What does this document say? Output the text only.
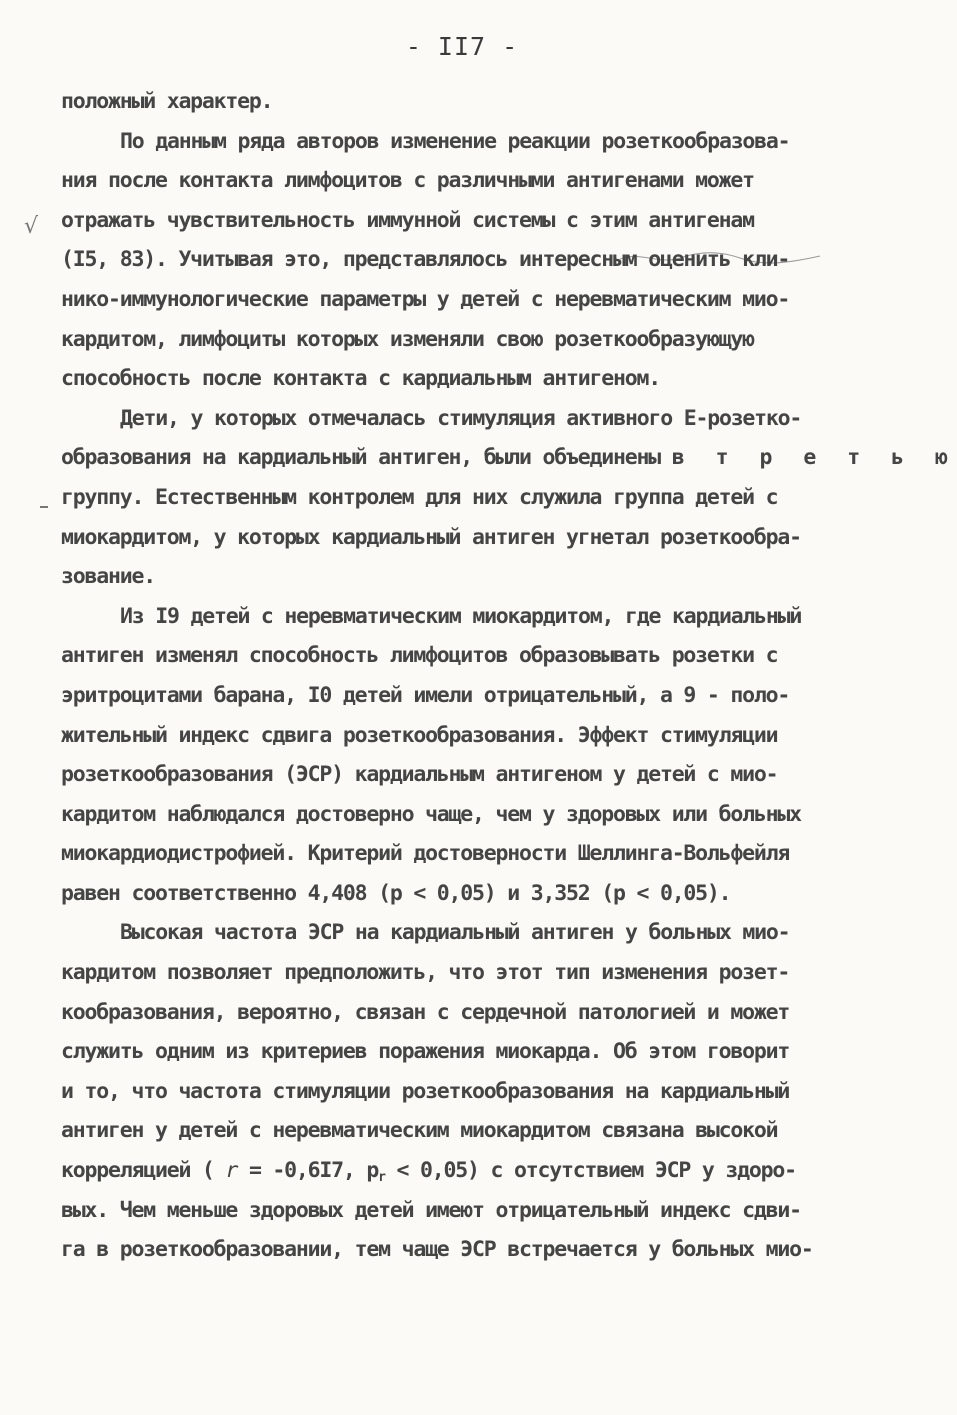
- II7 -
√
положный характер.
По данным ряда авторов изменение реакции розеткообразова-
ния после контакта лимфоцитов с различными антигенами может
отражать чувствительность иммунной системы с этим антигенам
(I5, 83). Учитывая это, представлялось интересным оценить кли-
нико-иммунологические параметры у детей с неревматическим мио-
кардитом, лимфоциты которых изменяли свою розеткообразующую
способность после контакта с кардиальным антигеном.
Дети, у которых отмечалась стимуляция активного Е-розетко-
образования на кардиальный антиген, были объединены в т р е т ь ю
группу. Естественным контролем для них служила группа детей с
миокардитом, у которых кардиальный антиген угнетал розеткообра-
зование.
Из I9 детей с неревматическим миокардитом, где кардиальный
антиген изменял способность лимфоцитов образовывать розетки с
эритроцитами барана, I0 детей имели отрицательный, а 9 - поло-
жительный индекс сдвига розеткообразования. Эффект стимуляции
розеткообразования (ЭСР) кардиальным антигеном у детей с мио-
кардитом наблюдался достоверно чаще, чем у здоровых или больных
миокардиодистрофией. Критерий достоверности Шеллинга-Вольфейля
равен соответственно 4,408 (p < 0,05) и 3,352 (p < 0,05).
Высокая частота ЭСР на кардиальный антиген у больных мио-
кардитом позволяет предположить, что этот тип изменения розет-
кообразования, вероятно, связан с сердечной патологией и может
служить одним из критериев поражения миокарда. Об этом говорит
и то, что частота стимуляции розеткообразования на кардиальный
антиген у детей с неревматическим миокардитом связана высокой
корреляцией ( r = -0,6I7, $p_r < 0,05$) с отсутствием ЭСР у здоро-
вых. Чем меньше здоровых детей имеют отрицательный индекс сдви-
га в розеткообразовании, тем чаще ЭСР встречается у больных мио-
